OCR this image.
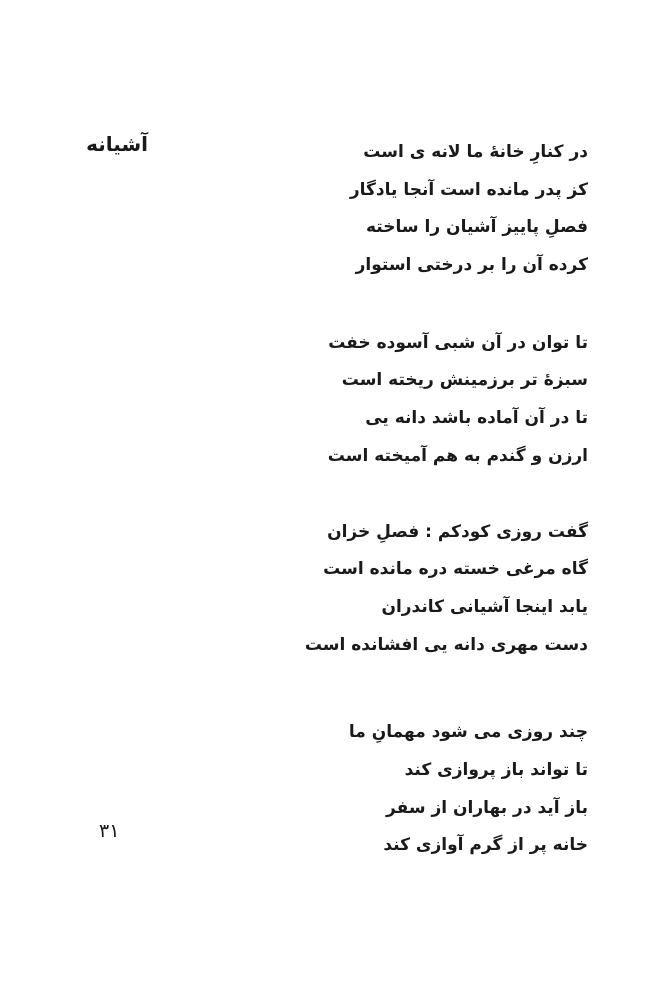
آشیانه	در کنارِ خانهٔ ما لانه ی است
کز پدر مانده است آنجا یادگار
فصلِ پاییز آشیان را ساخته
کرده آن را بر درختی استوار
تا توان در آن شبی آسوده خفت
سبزهٔ تر برزمینش ریخته است
تا در آن آماده باشد دانه یی
ارزن و گندم به هم آمیخته است
گفت روزی کودکم : فصلِ خزان
گاه مرغی خسته دره مانده است
یابد اینجا آشیانی کاندران
دست مهری دانه یی افشانده است
چند روزی می شود مهمانِ ما
تا تواند باز پروازی کند
باز آید در بهاران از سفر
خانه پر از گرم آوازی کند
۳۱
